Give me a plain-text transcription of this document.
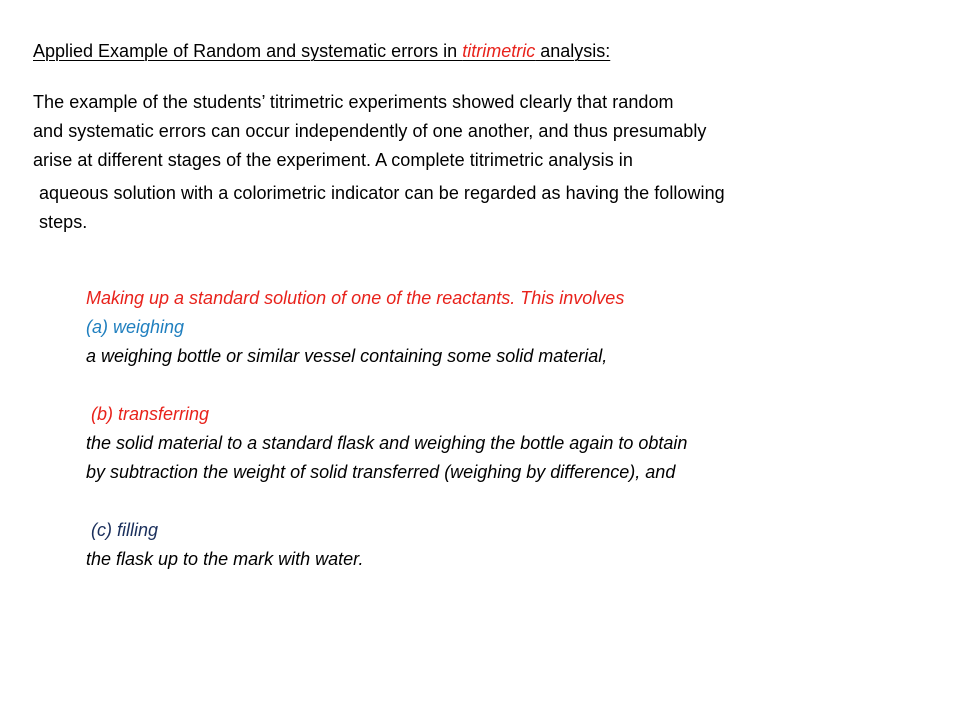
Applied Example of Random and systematic errors in titrimetric analysis:
The example of the students’ titrimetric experiments showed clearly that random
and systematic errors can occur independently of one another, and thus presumably
arise at different stages of the experiment. A complete titrimetric analysis in
aqueous solution with a colorimetric indicator can be regarded as having the following
steps.
Making up a standard solution of one of the reactants. This involves
(a) weighing
a weighing bottle or similar vessel containing some solid material,
(b) transferring
the solid material to a standard flask and weighing the bottle again to obtain
by subtraction the weight of solid transferred (weighing by difference), and
(c) filling
the flask up to the mark with water.
